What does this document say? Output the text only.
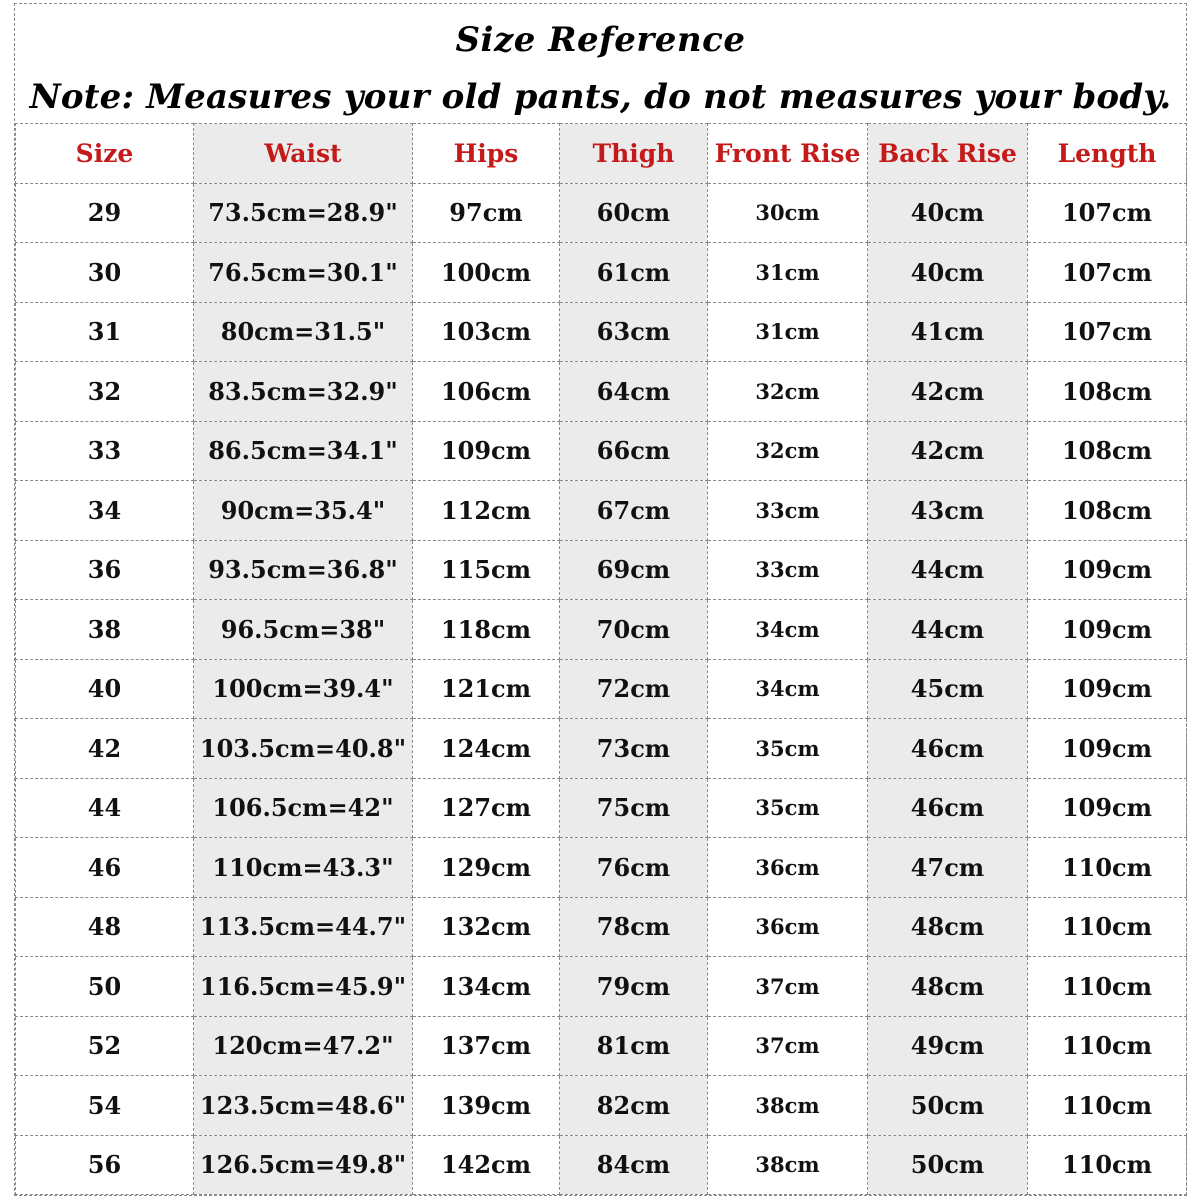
Size Reference
Note: Measures your old pants, do not measures your body.
Size	Waist	Hips	Thigh	Front Rise	Back Rise	Length
29	73.5cm=28.9"	97cm	60cm	30cm	40cm	107cm
30	76.5cm=30.1"	100cm	61cm	31cm	40cm	107cm
31	80cm=31.5"	103cm	63cm	31cm	41cm	107cm
32	83.5cm=32.9"	106cm	64cm	32cm	42cm	108cm
33	86.5cm=34.1"	109cm	66cm	32cm	42cm	108cm
34	90cm=35.4"	112cm	67cm	33cm	43cm	108cm
36	93.5cm=36.8"	115cm	69cm	33cm	44cm	109cm
38	96.5cm=38"	118cm	70cm	34cm	44cm	109cm
40	100cm=39.4"	121cm	72cm	34cm	45cm	109cm
42	103.5cm=40.8"	124cm	73cm	35cm	46cm	109cm
44	106.5cm=42"	127cm	75cm	35cm	46cm	109cm
46	110cm=43.3"	129cm	76cm	36cm	47cm	110cm
48	113.5cm=44.7"	132cm	78cm	36cm	48cm	110cm
50	116.5cm=45.9"	134cm	79cm	37cm	48cm	110cm
52	120cm=47.2"	137cm	81cm	37cm	49cm	110cm
54	123.5cm=48.6"	139cm	82cm	38cm	50cm	110cm
56	126.5cm=49.8"	142cm	84cm	38cm	50cm	110cm
